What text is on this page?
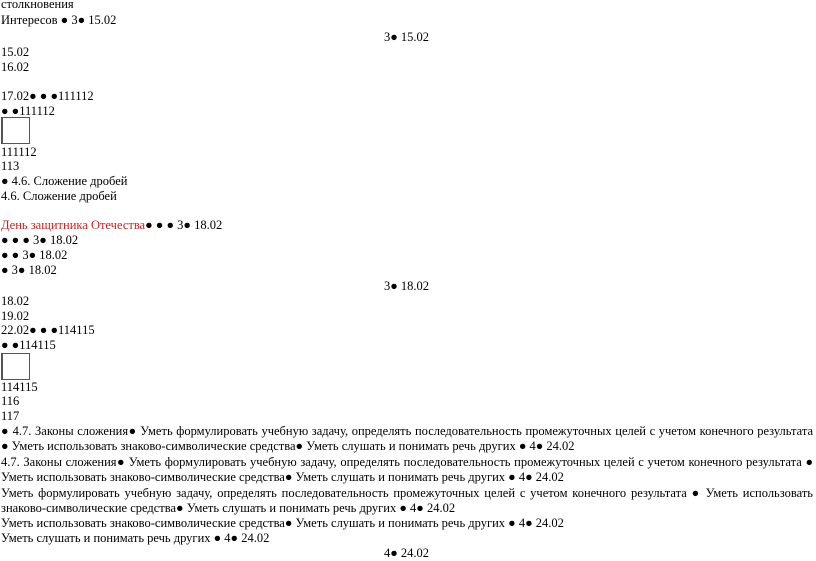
столкновения
Интересов ● 3● 15.02
3● 15.02
15.02
16.02
17.02● ● ●111112
● ●111112
111112
113
● 4.6. Сложение дробей
4.6. Сложение дробей
День защитника Отечества● ● ● 3● 18.02
● ● ● 3● 18.02
● ● 3● 18.02
● 3● 18.02
3● 18.02
18.02
19.02
22.02● ● ●114115
● ●114115
114115
116
117
● 4.7. Законы сложения● Уметь формулировать учебную задачу, определять последовательность промежуточных целей с учетом конечного результата ● Уметь использовать знаково-символические средства● Уметь слушать и понимать речь других ● 4● 24.02
4.7. Законы сложения● Уметь формулировать учебную задачу, определять последовательность промежуточных целей с учетом конечного результата ● Уметь использовать знаково-символические средства● Уметь слушать и понимать речь других ● 4● 24.02
Уметь формулировать учебную задачу, определять последовательность промежуточных целей с учетом конечного результата ● Уметь использовать знаково-символические средства● Уметь слушать и понимать речь других ● 4● 24.02
Уметь использовать знаково-символические средства● Уметь слушать и понимать речь других ● 4● 24.02
Уметь слушать и понимать речь других ● 4● 24.02
4● 24.02
